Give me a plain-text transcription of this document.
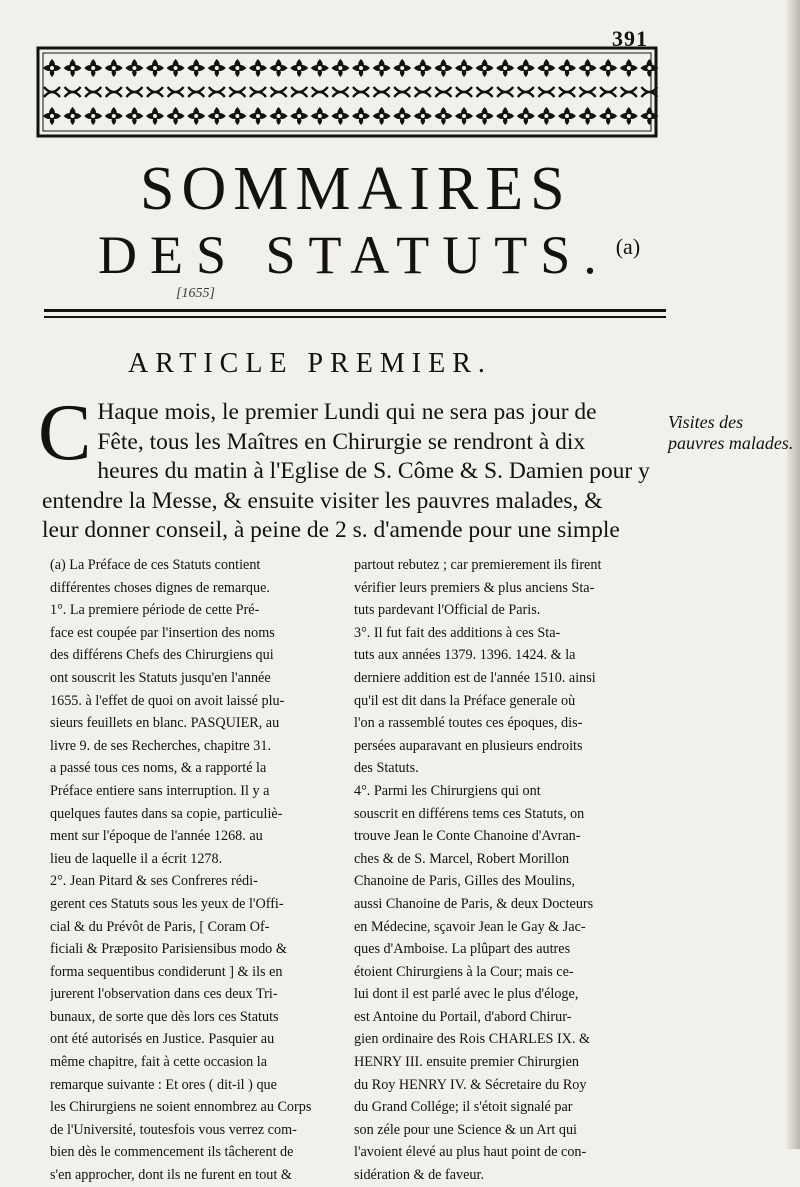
391
SOMMAIRES
DES STATUTS. $^{(a)}$
[1655]
ARTICLE PREMIER.
C Haque mois, le premier Lundi qui ne sera pas jour de
Fête, tous les Maîtres en Chirurgie se rendront à dix
heures du matin à l'Eglise de S. Côme & S. Damien pour y
entendre la Messe, & ensuite visiter les pauvres malades, &
leur donner conseil, à peine de 2 s. d'amende pour une simple
Visites des pauvres malades.
(a) La Préface de ces Statuts contient
différentes choses dignes de remarque.
1°. La premiere période de cette Pré-
face est coupée par l'insertion des noms
des différens Chefs des Chirurgiens qui
ont souscrit les Statuts jusqu'en l'année
1655. à l'effet de quoi on avoit laissé plu-
sieurs feuillets en blanc. PASQUIER, au
livre 9. de ses Recherches, chapitre 31.
a passé tous ces noms, & a rapporté la
Préface entiere sans interruption. Il y a
quelques fautes dans sa copie, particuliè-
ment sur l'époque de l'année 1268. au
lieu de laquelle il a écrit 1278.
2°. Jean Pitard & ses Confreres rédi-
gerent ces Statuts sous les yeux de l'Offi-
cial & du Prévôt de Paris, [ Coram Of-
ficiali & Præposito Parisiensibus modo &
forma sequentibus condiderunt ] & ils en
jurerent l'observation dans ces deux Tri-
bunaux, de sorte que dès lors ces Statuts
ont été autorisés en Justice. Pasquier au
même chapitre, fait à cette occasion la
remarque suivante : Et ores ( dit-il ) que
les Chirurgiens ne soient ennombrez au Corps
de l'Université, toutesfois vous verrez com-
bien dès le commencement ils tâcherent de
s'en approcher, dont ils ne furent en tout &
partout rebutez ; car premierement ils firent
vérifier leurs premiers & plus anciens Sta-
tuts pardevant l'Official de Paris.
3°. Il fut fait des additions à ces Sta-
tuts aux années 1379. 1396. 1424. & la
derniere addition est de l'année 1510. ainsi
qu'il est dit dans la Préface generale où
l'on a rassemblé toutes ces époques, dis-
persées auparavant en plusieurs endroits
des Statuts.
4°. Parmi les Chirurgiens qui ont
souscrit en différens tems ces Statuts, on
trouve Jean le Conte Chanoine d'Avran-
ches & de S. Marcel, Robert Morillon
Chanoine de Paris, Gilles des Moulins,
aussi Chanoine de Paris, & deux Docteurs
en Médecine, sçavoir Jean le Gay & Jac-
ques d'Amboise. La plûpart des autres
étoient Chirurgiens à la Cour; mais ce-
lui dont il est parlé avec le plus d'éloge,
est Antoine du Portail, d'abord Chirur-
gien ordinaire des Rois CHARLES IX. &
HENRY III. ensuite premier Chirurgien
du Roy HENRY IV. & Sécretaire du Roy
du Grand Collége; il s'étoit signalé par
son zéle pour une Science & un Art qui
l'avoient élevé au plus haut point de con-
sidération & de faveur.
